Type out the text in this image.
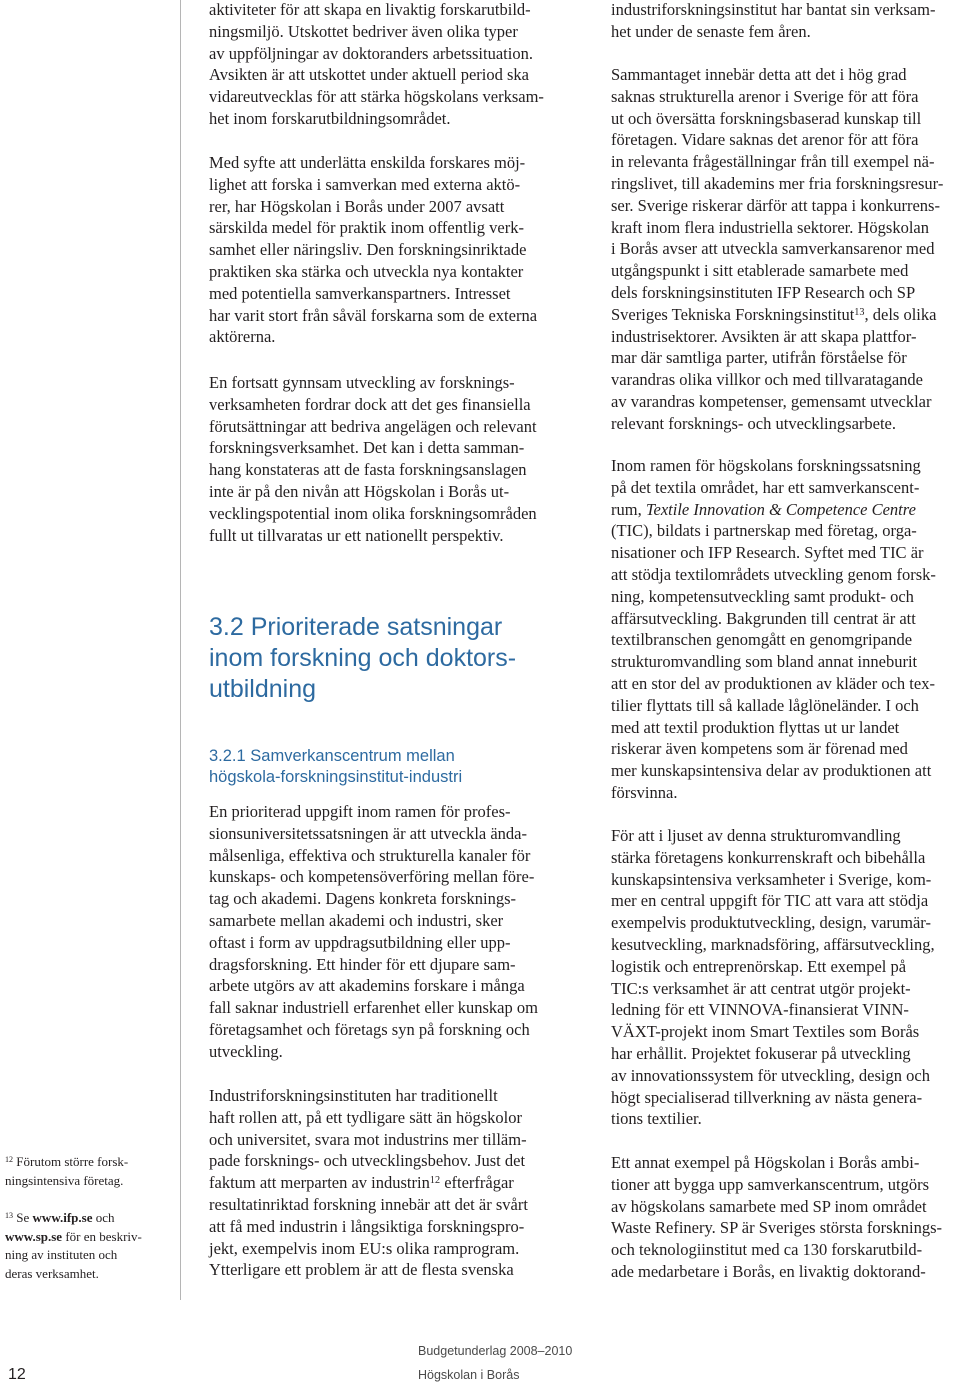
aktiviteter för att skapa en livaktig forskarutbild-
ningsmiljö. Utskottet bedriver även olika typer
av uppföljningar av doktoranders arbetssituation.
Avsikten är att utskottet under aktuell period ska
vidareutvecklas för att stärka högskolans verksam-
het inom forskarutbildningsområdet.

Med syfte att underlätta enskilda forskares möj-
lighet att forska i samverkan med externa aktö-
rer, har Högskolan i Borås under 2007 avsatt
särskilda medel för praktik inom offentlig verk-
samhet eller näringsliv. Den forskningsinriktade
praktiken ska stärka och utveckla nya kontakter
med potentiella samverkanspartners. Intresset
har varit stort från såväl forskarna som de externa
aktörerna.

En fortsatt gynnsam utveckling av forsknings-
verksamheten fordrar dock att det ges finansiella
förutsättningar att bedriva angelägen och relevant
forskningsverksamhet. Det kan i detta samman-
hang konstateras att de fasta forskningsanslagen
inte är på den nivån att Högskolan i Borås ut-
vecklingspotential inom olika forskningsområden
fullt ut tillvaratas ur ett nationellt perspektiv.

3.2 Prioriterade satsningar
inom forskning och doktors-
utbildning
3.2.1 Samverkanscentrum mellan
högskola-forskningsinstitut-industri

En prioriterad uppgift inom ramen för profes-
sionsuniversitetssatsningen är att utveckla ända-
målsenliga, effektiva och strukturella kanaler för
kunskaps- och kompetensöverföring mellan före-
tag och akademi. Dagens konkreta forsknings-
samarbete mellan akademi och industri, sker
oftast i form av uppdragsutbildning eller upp-
dragsforskning. Ett hinder för ett djupare sam-
arbete utgörs av att akademins forskare i många
fall saknar industriell erfarenhet eller kunskap om
företagsamhet och företags syn på forskning och
utveckling.

Industriforskningsinstituten har traditionellt
haft rollen att, på ett tydligare sätt än högskolor
och universitet, svara mot industrins mer tilläm-
pade forsknings- och utvecklingsbehov. Just det
faktum att merparten av industrin$^{12}$ efterfrågar
resultatinriktad forskning innebär att det är svårt
att få med industrin i långsiktiga forskningspro-
jekt, exempelvis inom EU:s olika ramprogram.
Ytterligare ett problem är att de flesta svenska

industriforskningsinstitut har bantat sin verksam-
het under de senaste fem åren.

Sammantaget innebär detta att det i hög grad
saknas strukturella arenor i Sverige för att föra
ut och översätta forskningsbaserad kunskap till
företagen. Vidare saknas det arenor för att föra
in relevanta frågeställningar från till exempel nä-
ringslivet, till akademins mer fria forskningsresur-
ser. Sverige riskerar därför att tappa i konkurrens-
kraft inom flera industriella sektorer. Högskolan
i Borås avser att utveckla samverkansarenor med
utgångspunkt i sitt etablerade samarbete med
dels forskningsinstituten IFP Research och SP
Sveriges Tekniska Forskningsinstitut$^{13}$, dels olika
industrisektorer. Avsikten är att skapa plattfor-
mar där samtliga parter, utifrån förståelse för
varandras olika villkor och med tillvaratagande
av varandras kompetenser, gemensamt utvecklar
relevant forsknings- och utvecklingsarbete.

Inom ramen för högskolans forskningssatsning
på det textila området, har ett samverkanscent-
rum, Textile Innovation & Competence Centre
(TIC), bildats i partnerskap med företag, orga-
nisationer och IFP Research. Syftet med TIC är
att stödja textilområdets utveckling genom forsk-
ning, kompetensutveckling samt produkt- och
affärsutveckling. Bakgrunden till centrat är att
textilbranschen genomgått en genomgripande
strukturomvandling som bland annat inneburit
att en stor del av produktionen av kläder och tex-
tilier flyttats till så kallade låglöneländer. I och
med att textil produktion flyttas ut ur landet
riskerar även kompetens som är förenad med
mer kunskapsintensiva delar av produktionen att
försvinna.

För att i ljuset av denna strukturomvandling
stärka företagens konkurrenskraft och bibehålla
kunskapsintensiva verksamheter i Sverige, kom-
mer en central uppgift för TIC att vara att stödja
exempelvis produktutveckling, design, varumär-
kesutveckling, marknadsföring, affärsutveckling,
logistik och entreprenörskap. Ett exempel på
TIC:s verksamhet är att centrat utgör projekt-
ledning för ett VINNOVA-finansierat VINN-
VÄXT-projekt inom Smart Textiles som Borås
har erhållit. Projektet fokuserar på utveckling
av innovationssystem för utveckling, design och
högt specialiserad tillverkning av nästa genera-
tions textilier.

Ett annat exempel på Högskolan i Borås ambi-
tioner att bygga upp samverkanscentrum, utgörs
av högskolans samarbete med SP inom området
Waste Refinery. SP är Sveriges största forsknings-
och teknologiinstitut med ca 130 forskarutbild-
ade medarbetare i Borås, en livaktig doktorand-

$^{12}$ Förutom större forsk-
ningsintensiva företag.

$^{13}$ Se www.ifp.se och
www.sp.se för en beskriv-
ning av instituten och
deras verksamhet.

12
Budgetunderlag 2008–2010
Högskolan i Borås
